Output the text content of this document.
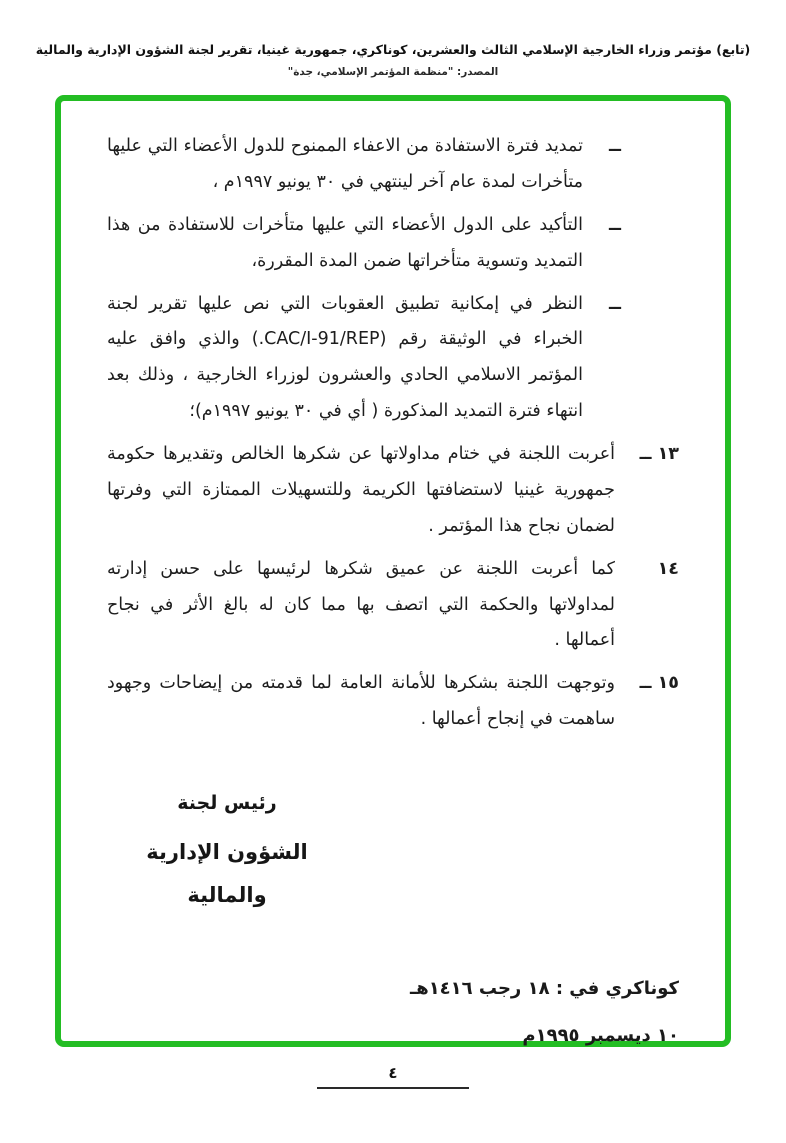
(تابع) مؤتمر وزراء الخارجية الإسلامي الثالث والعشرين، كوناكري، جمهورية غينيا، تقرير لجنة الشؤون الإدارية والمالية
المصدر: "منظمة المؤتمر الإسلامي، جدة"
ــ

تمديد فترة الاستفادة من الاعفاء الممنوح للدول الأعضاء التي عليها متأخرات لمدة عام آخر لينتهي في ٣٠ يونيو ١٩٩٧م ،

ــ

التأكيد على الدول الأعضاء التي عليها متأخرات للاستفادة من هذا التمديد وتسوية متأخراتها ضمن المدة المقررة،

ــ

النظر في إمكانية تطبيق العقوبات التي نص عليها تقرير لجنة الخبراء في الوثيقة رقم (CAC/I-91/REP.) والذي وافق عليه المؤتمر الاسلامي الحادي والعشرون لوزراء الخارجية ، وذلك بعد انتهاء فترة التمديد المذكورة ( أي في ٣٠ يونيو ١٩٩٧م)؛

١٣ ــ

أعربت اللجنة في ختام مداولاتها عن شكرها الخالص وتقديرها حكومة جمهورية غينيا لاستضافتها الكريمة وللتسهيلات الممتازة التي وفرتها لضمان نجاح هذا المؤتمر .

١٤

كما أعربت اللجنة عن عميق شكرها لرئيسها على حسن إدارته لمداولاتها والحكمة التي اتصف بها مما كان له بالغ الأثر في نجاح أعمالها .

١٥ ــ

وتوجهت اللجنة بشكرها للأمانة العامة لما قدمته من إيضاحات وجهود ساهمت في إنجاح أعمالها .

رئيس لجنة
الشؤون الإدارية والمالية
كوناكري في : ١٨ رجب ١٤١٦هـ
١٠ ديسمبر ١٩٩٥م
٤
